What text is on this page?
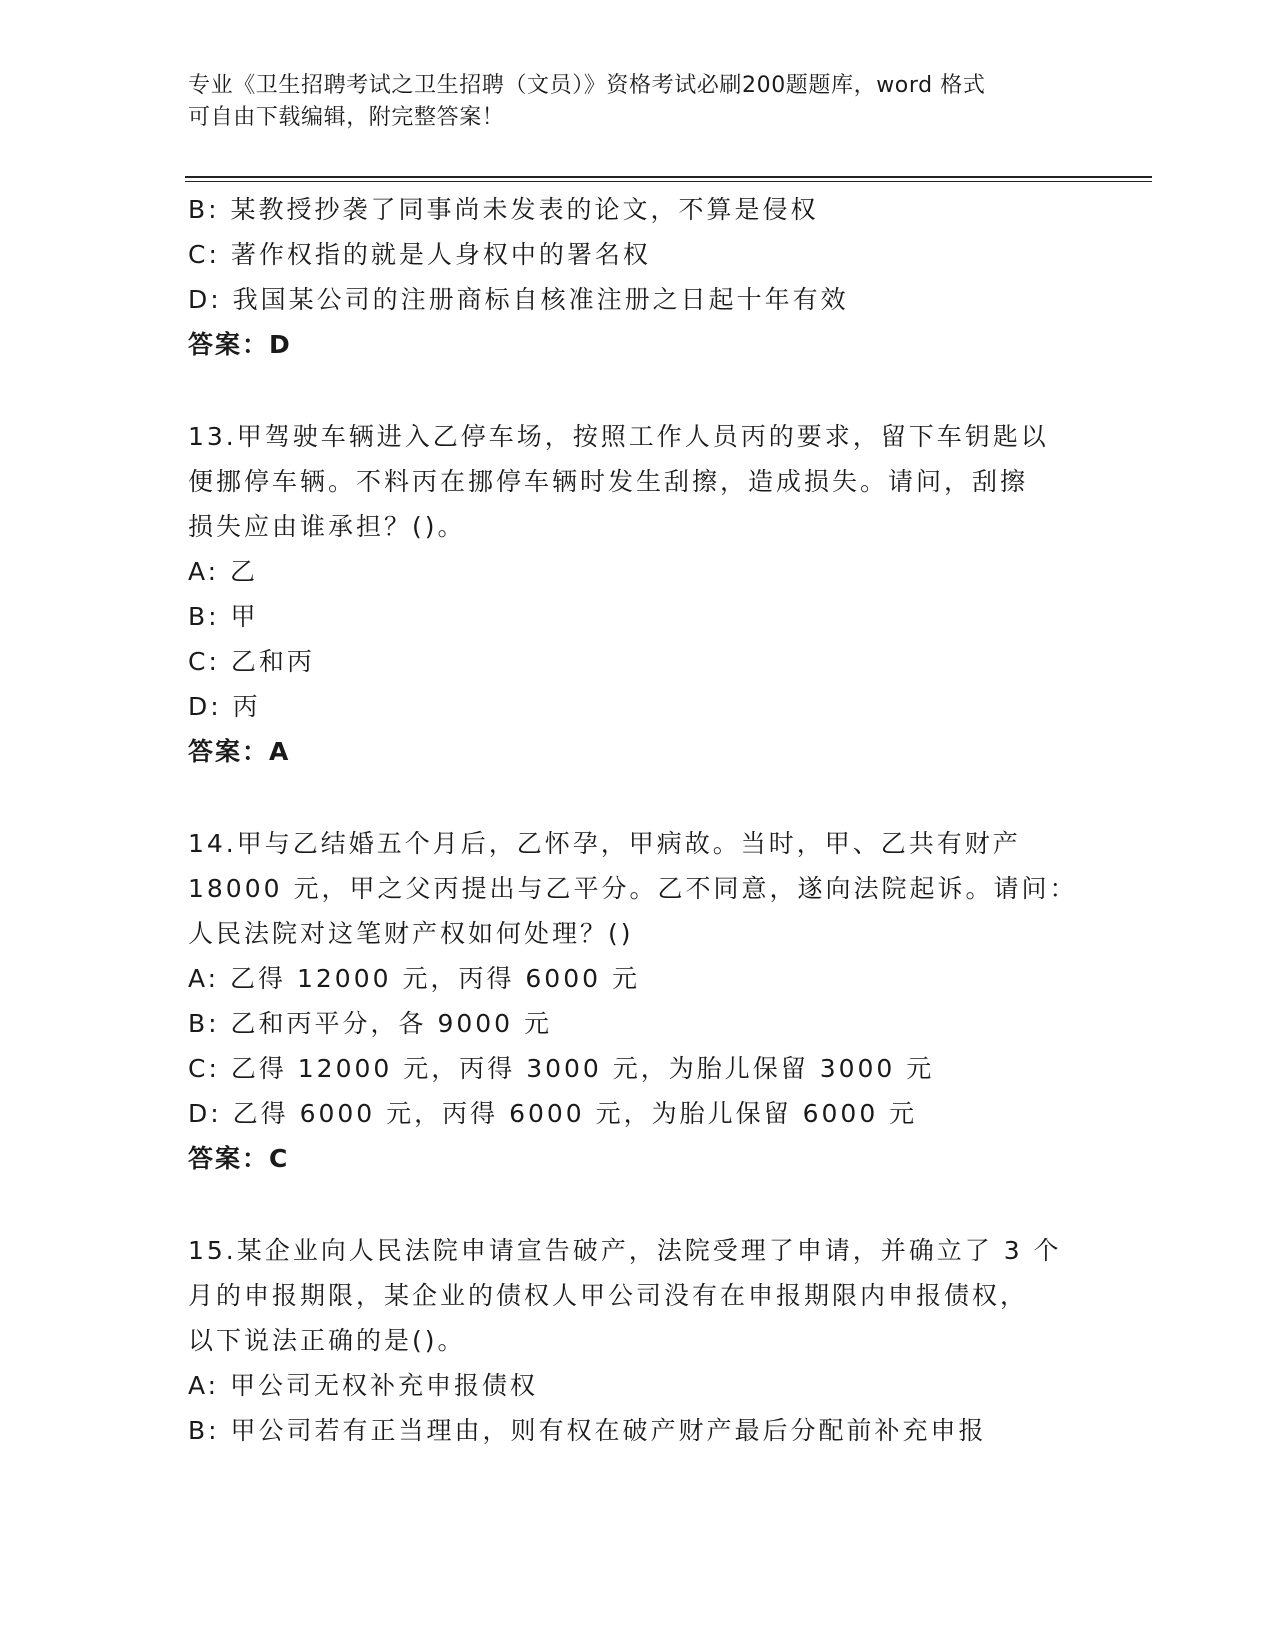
专业《卫生招聘考试之卫生招聘（文员）》资格考试必刷200题题库，word 格式
可自由下载编辑，附完整答案！
B: 某教授抄袭了同事尚未发表的论文，不算是侵权
C: 著作权指的就是人身权中的署名权
D: 我国某公司的注册商标自核准注册之日起十年有效
答案：D
13.甲驾驶车辆进入乙停车场，按照工作人员丙的要求，留下车钥匙以
便挪停车辆。不料丙在挪停车辆时发生刮擦，造成损失。请问，刮擦
损失应由谁承担？()。
A: 乙
B: 甲
C: 乙和丙
D: 丙
答案：A
14.甲与乙结婚五个月后，乙怀孕，甲病故。当时，甲、乙共有财产
18000 元，甲之父丙提出与乙平分。乙不同意，遂向法院起诉。请问：
人民法院对这笔财产权如何处理？()
A: 乙得 12000 元，丙得 6000 元
B: 乙和丙平分，各 9000 元
C: 乙得 12000 元，丙得 3000 元，为胎儿保留 3000 元
D: 乙得 6000 元，丙得 6000 元，为胎儿保留 6000 元
答案：C
15.某企业向人民法院申请宣告破产，法院受理了申请，并确立了 3 个
月的申报期限，某企业的债权人甲公司没有在申报期限内申报债权，
以下说法正确的是()。
A: 甲公司无权补充申报债权
B: 甲公司若有正当理由，则有权在破产财产最后分配前补充申报
